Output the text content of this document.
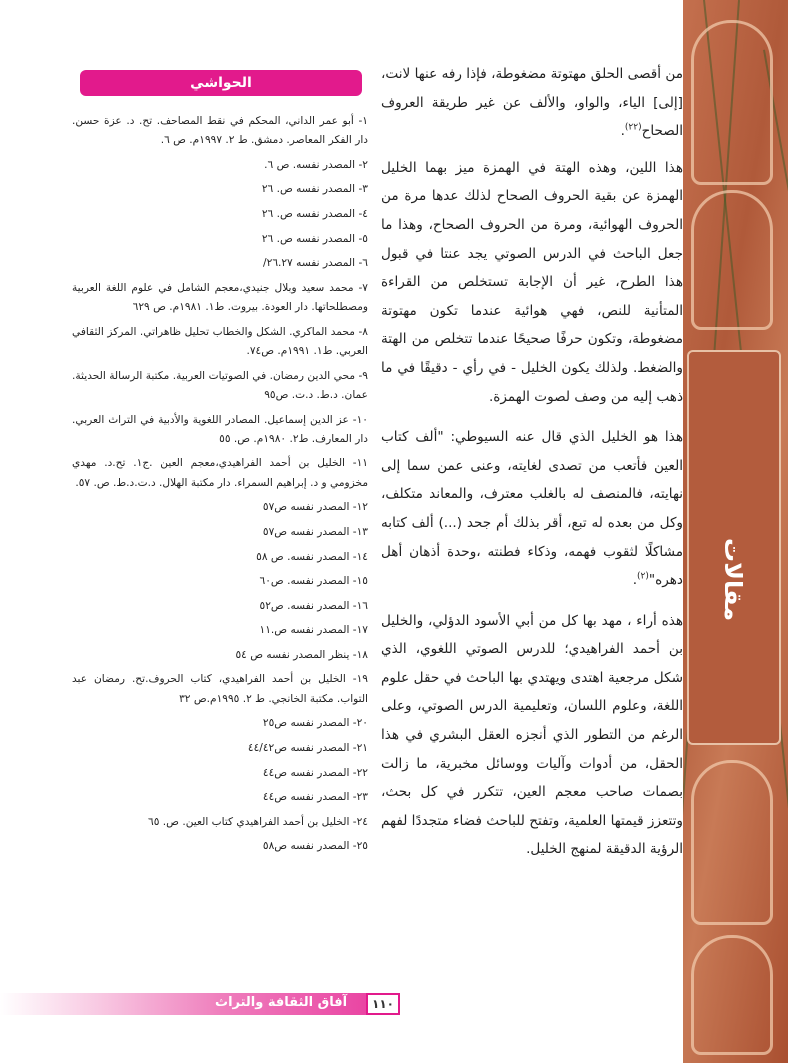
مقالات

من أقصى الحلق مهتوتة مضغوطة، فإذا رفه عنها لانت، [إلى] الياء، والواو، والألف عن غير طريقة العروف الصحاح$^{(٢٢)}$.

هذا اللين، وهذه الهتة في الهمزة ميز بهما الخليل الهمزة عن بقية الحروف الصحاح لذلك عدها مرة من الحروف الهوائية، ومرة من الحروف الصحاح، وهذا ما جعل الباحث في الدرس الصوتي يجد عنتا في قبول هذا الطرح، غير أن الإجابة تستخلص من القراءة المتأنية للنص، فهي هوائية عندما تكون مهتوتة مضغوطة، وتكون حرفًا صحيحًا عندما تتخلص من الهتة والضغط. ولذلك يكون الخليل - في رأي - دقيقًا في ما ذهب إليه من وصف لصوت الهمزة.

هذا هو الخليل الذي قال عنه السيوطي: "ألف كتاب العين فأتعب من تصدى لغايته، وعنى عمن سما إلى نهايته، فالمنصف له بالغلب معترف، والمعاند متكلف، وكل من بعده له تبع، أقر بذلك أم جحد (...) ألف كتابه مشاكلًا لثقوب فهمه، وذكاء فطنته ،وحدة أذهان أهل دهره"$^{(٢)}$.

هذه أراء ، مهد بها كل من أبي الأسود الدؤلي، والخليل بن أحمد الفراهيدي؛ للدرس الصوتي اللغوي، الذي شكل مرجعية اهتدى ويهتدي بها الباحث في حقل علوم اللغة، وعلوم اللسان، وتعليمية الدرس الصوتي، وعلى الرغم من التطور الذي أنجزه العقل البشري في هذا الحقل، من أدوات وآليات ووسائل مخبرية، ما زالت بصمات صاحب معجم العين، تتكرر في كل بحث، وتتعزز قيمتها العلمية، وتفتح للباحث فضاء متجددًا لفهم الرؤية الدقيقة لمنهج الخليل.

الحواشي
١- أبو عمر الداني، المحكم في نقط المصاحف. تح. د. عزة حسن. دار الفكر المعاصر. دمشق. ط ٢. ١٩٩٧م. ص ٦.
٢- المصدر نفسه. ص ٦.
٣- المصدر نفسه ص. ٢٦
٤- المصدر نفسه ص. ٢٦
٥- المصدر نفسه ص. ٢٦
٦- المصدر نفسه ٢٦.٢٧/
٧- محمد سعيد وبلال جنيدي،معجم الشامل في علوم اللغة العربية ومصطلحاتها. دار العودة. بيروت. ط١. ١٩٨١م. ص ٦٢٩
٨- محمد الماكري. الشكل والخطاب تحليل ظاهراتي. المركز الثقافي العربي. ط١. ١٩٩١م. ص٧٤.
٩- محي الدين رمضان. في الصوتيات العربية. مكتبة الرسالة الحديثة. عمان. د.ط. د.ت. ص٩٥
١٠- عز الدين إسماعيل. المصادر اللغوية والأدبية في التراث العربي. دار المعارف. ط٢. ١٩٨٠م. ص. ٥٥
١١- الخليل بن أحمد الفراهيدي،معجم العين .ج١. تح.د. مهدي مخزومي و د. إبراهيم السمراء. دار مكتبة الهلال. د.ت.د.ط. ص. ٥٧.
١٢- المصدر نفسه ص٥٧
١٣- المصدر نفسه ص٥٧
١٤- المصدر نفسه. ص ٥٨
١٥- المصدر نفسه. ص٦٠
١٦- المصدر نفسه. ص٥٢
١٧- المصدر نفسه ص.١١
١٨- ينظر المصدر نفسه ص ٥٤
١٩- الخليل بن أحمد الفراهيدي، كتاب الحروف.تح. رمضان عبد التواب. مكتبة الخانجي. ط ٢. ١٩٩٥م.ص ٣٢
٢٠- المصدر نفسه ص٢٥
٢١- المصدر نفسه ص٤٤/٤٢
٢٢- المصدر نفسه ص٤٤
٢٣- المصدر نفسه ص٤٤
٢٤- الخليل بن أحمد الفراهيدي كتاب العين. ص. ٦٥
٢٥- المصدر نفسه ص٥٨
آفاق الثقافة والتراث	١١٠
